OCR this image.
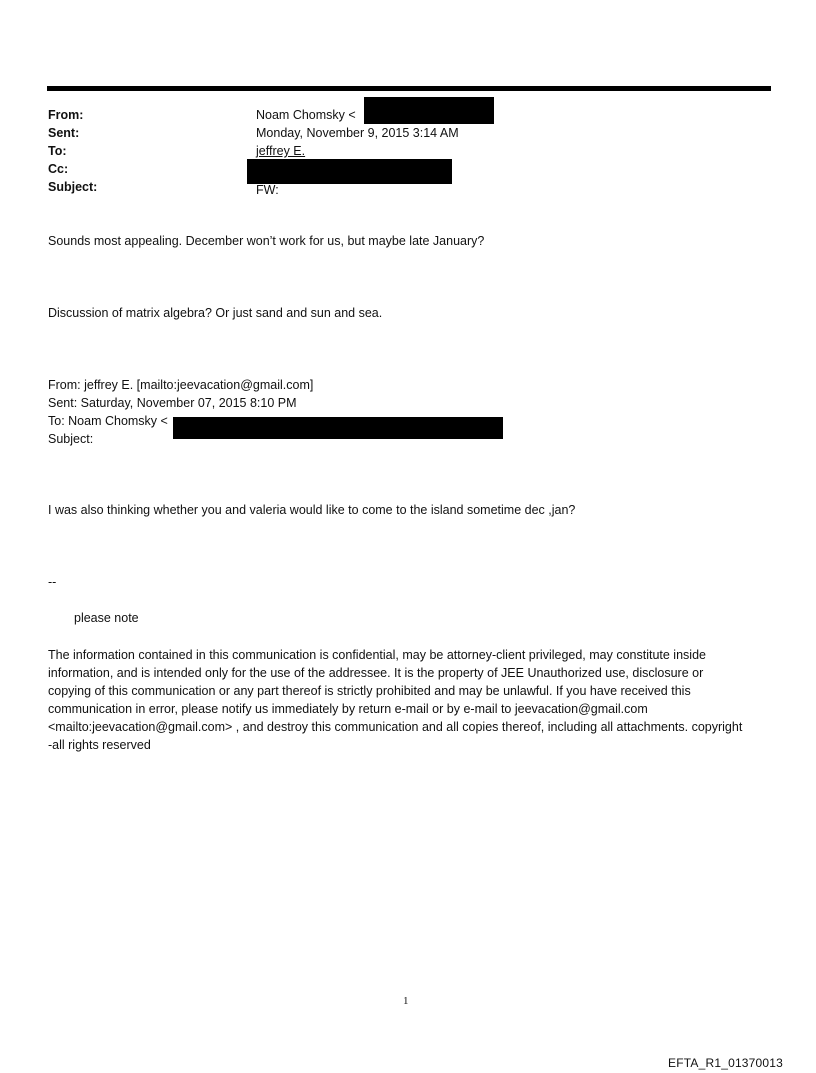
From:	Noam Chomsky <
Sent:	Monday, November 9, 2015 3:14 AM
To:	jeffrey E.
Cc:
Subject:	FW:
Sounds most appealing. December won’t work for us, but maybe late January?
Discussion of matrix algebra? Or just sand and sun and sea.
From: jeffrey E. [mailto:jeevacation@gmail.com]
Sent: Saturday, November 07, 2015 8:10 PM
To: Noam Chomsky <
Subject:
I was also thinking whether you and valeria would like to come to the island sometime dec ,jan?
--
please note
The information contained in this communication is confidential, may be attorney-client privileged, may constitute inside information, and is intended only for the use of the addressee. It is the property of JEE Unauthorized use, disclosure or copying of this communication or any part thereof is strictly prohibited and may be unlawful. If you have received this communication in error, please notify us immediately by return e-mail or by e-mail to jeevacation@gmail.com <mailto:jeevacation@gmail.com> , and destroy this communication and all copies thereof, including all attachments. copyright -all rights reserved
1
EFTA_R1_01370013
